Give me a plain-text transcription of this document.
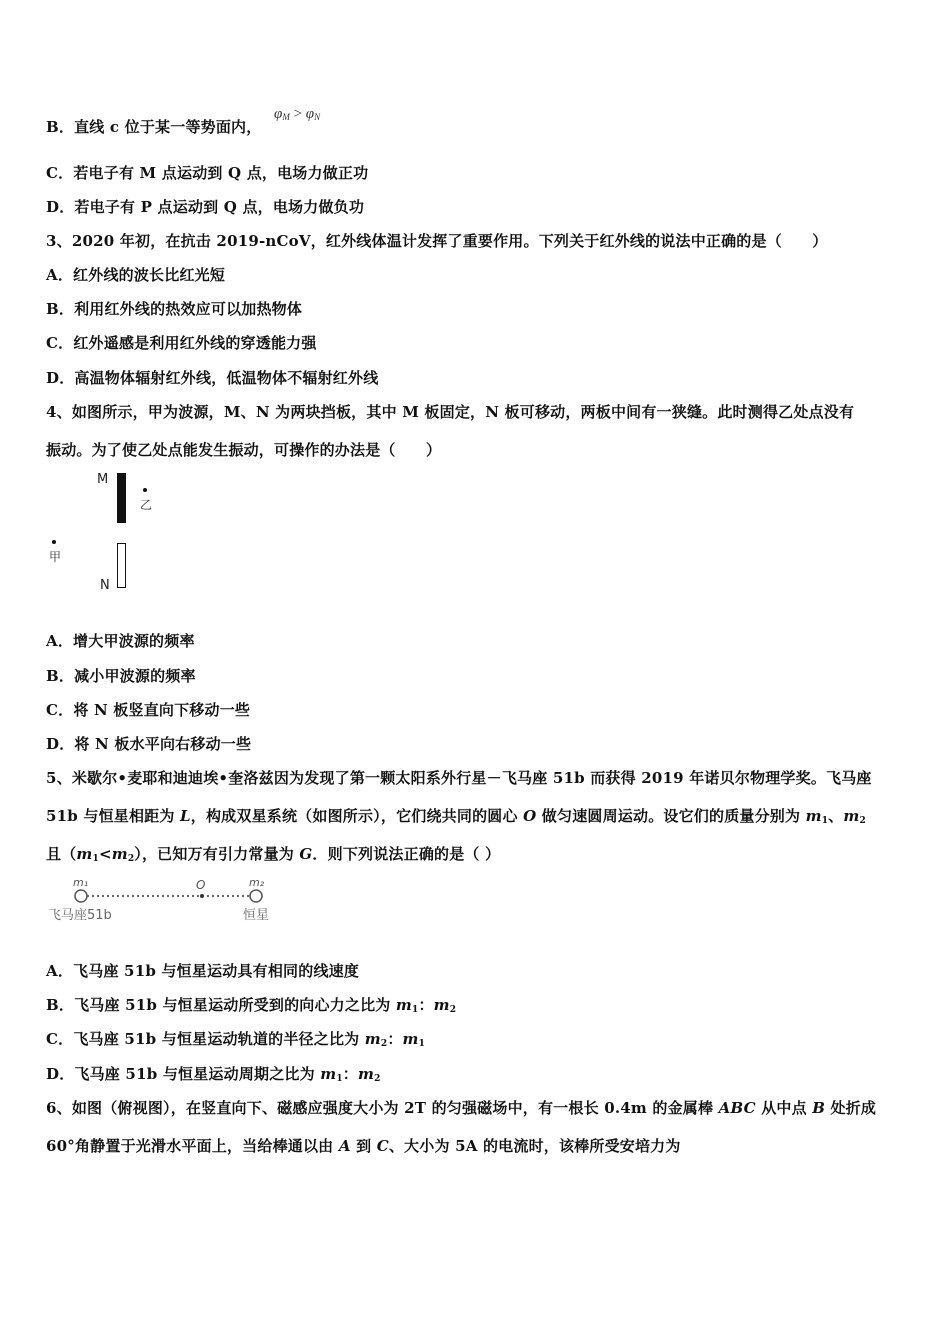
B．直线 c 位于某一等势面内，
$\varphi_M > \varphi_N$
C．若电子有 M 点运动到 Q 点，电场力做正功
D．若电子有 P 点运动到 Q 点，电场力做负功
3、2020 年初，在抗击 2019-nCoV，红外线体温计发挥了重要作用。下列关于红外线的说法中正确的是（　　）
A．红外线的波长比红光短
B．利用红外线的热效应可以加热物体
C．红外遥感是利用红外线的穿透能力强
D．高温物体辐射红外线，低温物体不辐射红外线
4、如图所示，甲为波源，M、N 为两块挡板，其中 M 板固定，N 板可移动，两板中间有一狭缝。此时测得乙处点没有
振动。为了使乙处点能发生振动，可操作的办法是（　　）
M
乙
甲
N
A．增大甲波源的频率
B．减小甲波源的频率
C．将 N 板竖直向下移动一些
D．将 N 板水平向右移动一些
5、米歇尔•麦耶和迪迪埃•奎洛兹因为发现了第一颗太阳系外行星－飞马座 51b 而获得 2019 年诺贝尔物理学奖。飞马座
51b 与恒星相距为 L，构成双星系统（如图所示），它们绕共同的圆心 O 做匀速圆周运动。设它们的质量分别为 $m_1$、$m_2$
且$(m_1<m_2)$，已知万有引力常量为 G．则下列说法正确的是（ ）
m₁	O	m₂
飞马座51b	恒星
A．飞马座 51b 与恒星运动具有相同的线速度
B．飞马座 51b 与恒星运动所受到的向心力之比为 $m_1$：$m_2$
C．飞马座 51b 与恒星运动轨道的半径之比为 $m_2$：$m_1$
D．飞马座 51b 与恒星运动周期之比为 $m_1$：$m_2$
6、如图（俯视图），在竖直向下、磁感应强度大小为 2T 的匀强磁场中，有一根长 0.4m 的金属棒 ABC 从中点 B 处折成
60°角静置于光滑水平面上，当给棒通以由 A 到 C、大小为 5A 的电流时，该棒所受安培力为
